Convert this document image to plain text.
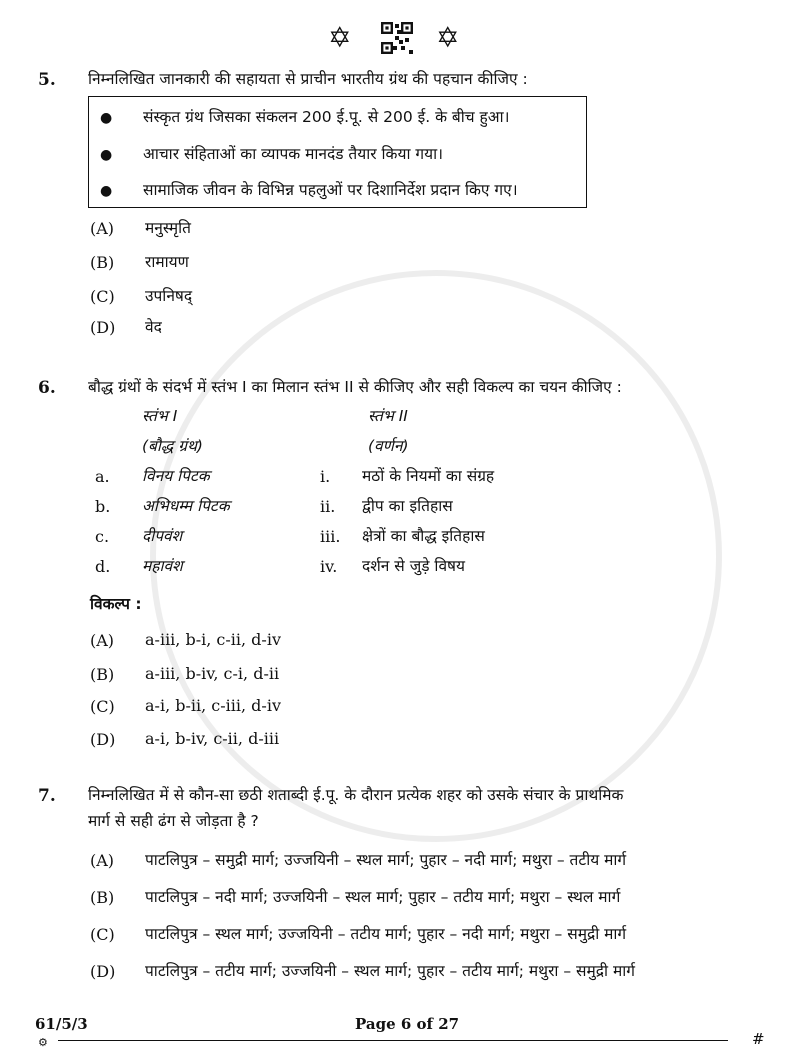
✡	✡
5. निम्नलिखित जानकारी की सहायता से प्राचीन भारतीय ग्रंथ की पहचान कीजिए :
● संस्कृत ग्रंथ जिसका संकलन 200 ई.पू. से 200 ई. के बीच हुआ।
● आचार संहिताओं का व्यापक मानदंड तैयार किया गया।
● सामाजिक जीवन के विभिन्न पहलुओं पर दिशानिर्देश प्रदान किए गए।
(A) मनुस्मृति
(B) रामायण
(C) उपनिषद्
(D) वेद
6. बौद्ध ग्रंथों के संदर्भ में स्तंभ I का मिलान स्तंभ II से कीजिए और सही विकल्प का चयन कीजिए :
स्तंभ I
(बौद्ध ग्रंथ)
स्तंभ II
(वर्णन)
a. विनय पिटक	i. मठों के नियमों का संग्रह
b. अभिधम्म पिटक	ii. द्वीप का इतिहास
c. दीपवंश	iii. क्षेत्रों का बौद्ध इतिहास
d. महावंश	iv. दर्शन से जुड़े विषय
विकल्प :
(A) a-iii, b-i, c-ii, d-iv
(B) a-iii, b-iv, c-i, d-ii
(C) a-i, b-ii, c-iii, d-iv
(D) a-i, b-iv, c-ii, d-iii
7. निम्नलिखित में से कौन-सा छठी शताब्दी ई.पू. के दौरान प्रत्येक शहर को उसके संचार के प्राथमिक
मार्ग से सही ढंग से जोड़ता है ?
(A) पाटलिपुत्र – समुद्री मार्ग; उज्जयिनी – स्थल मार्ग; पुहार – नदी मार्ग; मथुरा – तटीय मार्ग
(B) पाटलिपुत्र – नदी मार्ग; उज्जयिनी – स्थल मार्ग; पुहार – तटीय मार्ग; मथुरा – स्थल मार्ग
(C) पाटलिपुत्र – स्थल मार्ग; उज्जयिनी – तटीय मार्ग; पुहार – नदी मार्ग; मथुरा – समुद्री मार्ग
(D) पाटलिपुत्र – तटीय मार्ग; उज्जयिनी – स्थल मार्ग; पुहार – तटीय मार्ग; मथुरा – समुद्री मार्ग
61/5/3	Page 6 of 27
⚙	#
